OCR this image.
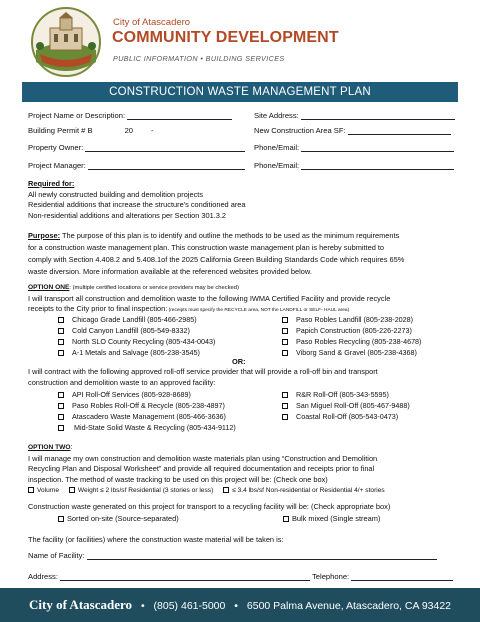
City of Atascadero
COMMUNITY DEVELOPMENT
PUBLIC INFORMATION • BUILDING SERVICES
CONSTRUCTION WASTE MANAGEMENT PLAN
Project Name or Description:	Site Address:
Building Permit # B	20 -	New Construction Area SF:
Property Owner:	Phone/Email:
Project Manager:	Phone/Email:
Required for:
All newly constructed building and demolition projects
Residential additions that increase the structure's conditioned area
Non-residential additions and alterations per Section 301.3.2
Purpose: The purpose of this plan is to identify and outline the methods to be used as the minimum requirements
for a construction waste management plan. This construction waste management plan is hereby submitted to
comply with Section 4.408.2 and 5.408.1of the 2025 California Green Building Standards Code which requires 65%
waste diversion. More information available at the referenced websites provided below.
OPTION ONE: (multiple certified locations or service providers may be checked)
I will transport all construction and demolition waste to the following IWMA Certified Facility and provide recycle
receipts to the City prior to final inspection: (receipts must specify the RECYCLE area, NOT the LANDFILL or SELF- HAUL area)
Chicago Grade Landfill (805-466-2985)
Cold Canyon Landfill (805-549-8332)
North SLO County Recycling (805-434-0043)
A-1 Metals and Salvage (805-238-3545)
Paso Robles Landfill (805-238-2028)
Papich Construction (805-226-2273)
Paso Robles Recycling (805-238-4678)
Viborg Sand & Gravel (805-238-4368)
OR:
I will contract with the following approved roll-off service provider that will provide a roll-off bin and transport
construction and demolition waste to an approved facility:
API Roll-Off Services (805-928-8689)
Paso Robles Roll-Off & Recycle (805-238-4897)
Atascadero Waste Management (805-466-3636)
Mid-State Solid Waste & Recycling (805-434-9112)
R&R Roll-Off (805-343-5595)
San Miguel Roll-Off (805-467-9488)
Coastal Roll-Off (805-543-0473)
OPTION TWO:
I will manage my own construction and demolition waste materials plan using “Construction and Demolition
Recycling Plan and Disposal Worksheet” and provide all required documentation and receipts prior to final
inspection. The method of waste tracking to be used on this project will be: (Check one box)
Volume	Weight ≤ 2 lbs/sf Residential (3 stories or less)	≤ 3.4 lbs/sf Non-residential or Residential 4/+ stories
Construction waste generated on this project for transport to a recycling facility will be: (Check appropriate box)
Sorted on-site (Source-separated)	Bulk mixed (Single stream)
The facility (or facilities) where the construction waste material will be taken is:
Name of Facility:
Address:	Telephone:
City of Atascadero • (805) 461-5000 • 6500 Palma Avenue, Atascadero, CA 93422
